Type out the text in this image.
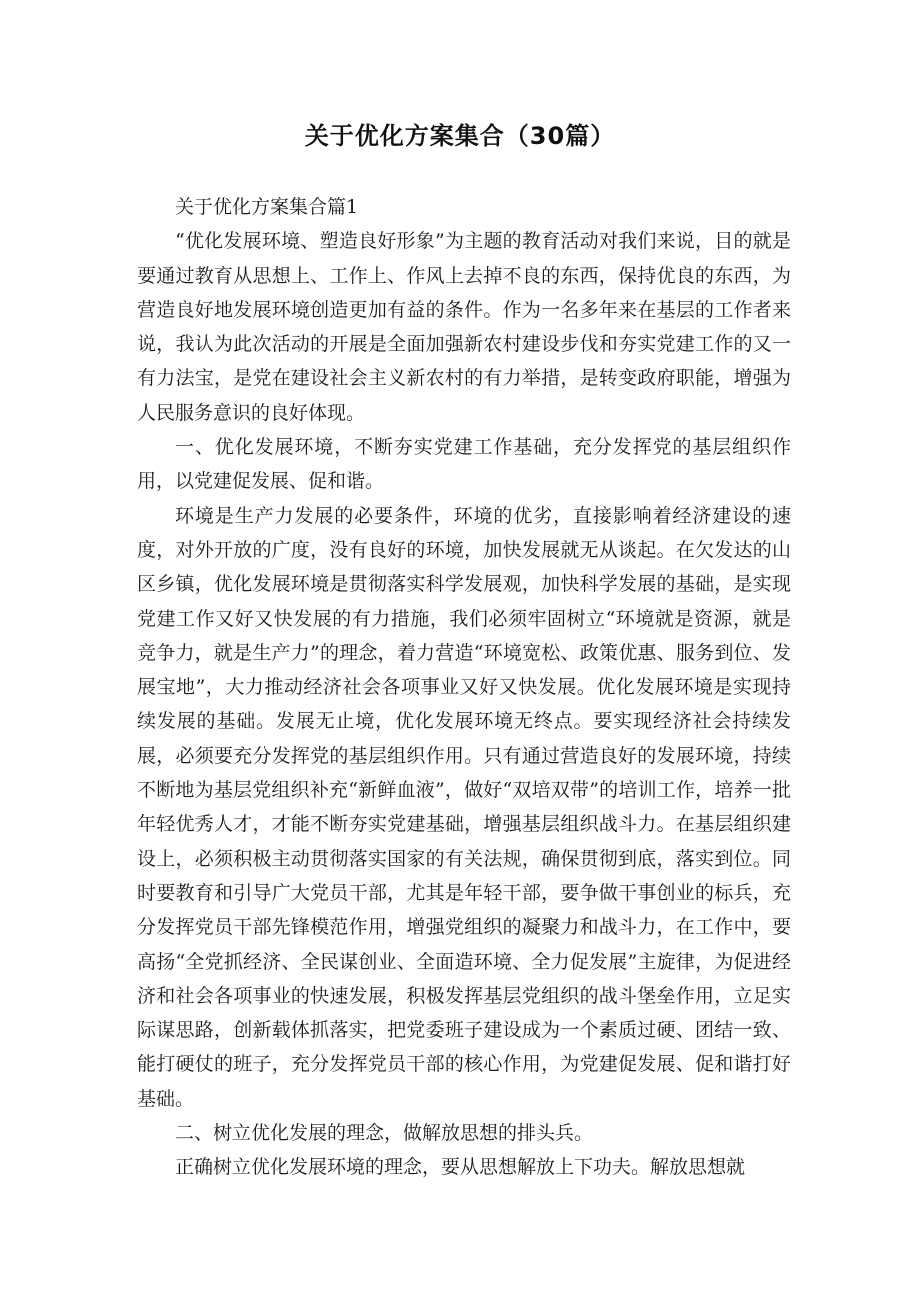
关于优化方案集合（30篇）

关于优化方案集合篇1

“优化发展环境、塑造良好形象”为主题的教育活动对我们来说，目的就是要通过教育从思想上、工作上、作风上去掉不良的东西，保持优良的东西，为营造良好地发展环境创造更加有益的条件。作为一名多年来在基层的工作者来说，我认为此次活动的开展是全面加强新农村建设步伐和夯实党建工作的又一有力法宝，是党在建设社会主义新农村的有力举措，是转变政府职能，增强为人民服务意识的良好体现。

一、优化发展环境，不断夯实党建工作基础，充分发挥党的基层组织作用，以党建促发展、促和谐。

环境是生产力发展的必要条件，环境的优劣，直接影响着经济建设的速度，对外开放的广度，没有良好的环境，加快发展就无从谈起。在欠发达的山区乡镇，优化发展环境是贯彻落实科学发展观，加快科学发展的基础，是实现党建工作又好又快发展的有力措施，我们必须牢固树立“环境就是资源，就是竞争力，就是生产力”的理念，着力营造“环境宽松、政策优惠、服务到位、发展宝地”，大力推动经济社会各项事业又好又快发展。优化发展环境是实现持续发展的基础。发展无止境，优化发展环境无终点。要实现经济社会持续发展，必须要充分发挥党的基层组织作用。只有通过营造良好的发展环境，持续不断地为基层党组织补充“新鲜血液”，做好“双培双带”的培训工作，培养一批年轻优秀人才，才能不断夯实党建基础，增强基层组织战斗力。在基层组织建设上，必须积极主动贯彻落实国家的有关法规，确保贯彻到底，落实到位。同时要教育和引导广大党员干部，尤其是年轻干部，要争做干事创业的标兵，充分发挥党员干部先锋模范作用，增强党组织的凝聚力和战斗力，在工作中，要高扬“全党抓经济、全民谋创业、全面造环境、全力促发展”主旋律，为促进经济和社会各项事业的快速发展，积极发挥基层党组织的战斗堡垒作用，立足实际谋思路，创新载体抓落实，把党委班子建设成为一个素质过硬、团结一致、能打硬仗的班子，充分发挥党员干部的核心作用，为党建促发展、促和谐打好基础。

二、树立优化发展的理念，做解放思想的排头兵。

正确树立优化发展环境的理念，要从思想解放上下功夫。解放思想就
